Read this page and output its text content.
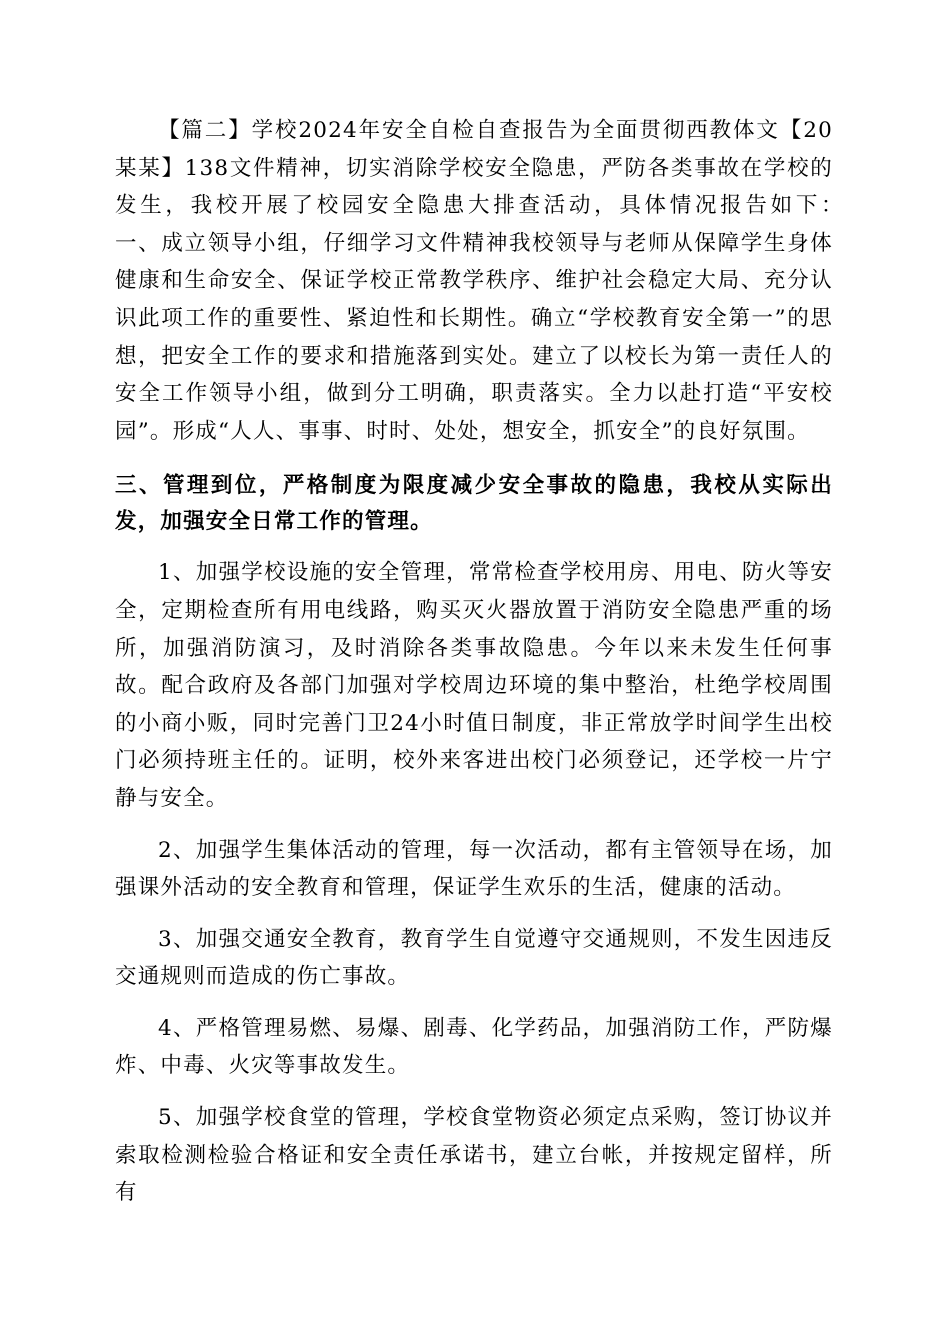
【篇二】学校2024年安全自检自查报告为全面贯彻西教体文【20某某】138文件精神，切实消除学校安全隐患，严防各类事故在学校的发生，我校开展了校园安全隐患大排查活动，具体情况报告如下：　　一、成立领导小组，仔细学习文件精神我校领导与老师从保障学生身体健康和生命安全、保证学校正常教学秩序、维护社会稳定大局、充分认识此项工作的重要性、紧迫性和长期性。确立“学校教育安全第一”的思想，把安全工作的要求和措施落到实处。建立了以校长为第一责任人的安全工作领导小组，做到分工明确，职责落实。全力以赴打造“平安校园”。形成“人人、事事、时时、处处，想安全，抓安全”的良好氛围。

三、管理到位，严格制度为限度减少安全事故的隐患，我校从实际出发，加强安全日常工作的管理。

1、加强学校设施的安全管理，常常检查学校用房、用电、防火等安全，定期检查所有用电线路，购买灭火器放置于消防安全隐患严重的场所，加强消防演习，及时消除各类事故隐患。今年以来未发生任何事故。配合政府及各部门加强对学校周边环境的集中整治，杜绝学校周围的小商小贩，同时完善门卫24小时值日制度，非正常放学时间学生出校门必须持班主任的。证明，校外来客进出校门必须登记，还学校一片宁静与安全。

2、加强学生集体活动的管理，每一次活动，都有主管领导在场，加强课外活动的安全教育和管理，保证学生欢乐的生活，健康的活动。

3、加强交通安全教育，教育学生自觉遵守交通规则，不发生因违反交通规则而造成的伤亡事故。

4、严格管理易燃、易爆、剧毒、化学药品，加强消防工作，严防爆炸、中毒、火灾等事故发生。

5、加强学校食堂的管理，学校食堂物资必须定点采购，签订协议并索取检测检验合格证和安全责任承诺书，建立台帐，并按规定留样，所有
